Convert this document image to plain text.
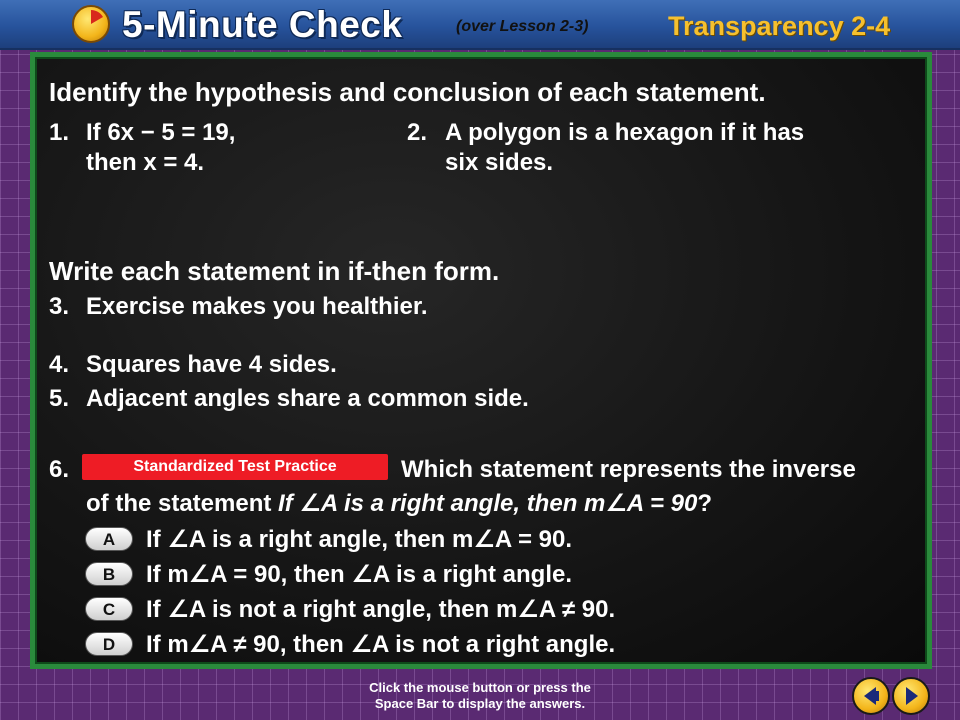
5-Minute Check	(over Lesson 2-3)	Transparency 2-4
Identify the hypothesis and conclusion of each statement.
1. If 6x − 5 = 19,
then x = 4.
2. A polygon is a hexagon if it has
six sides.
Write each statement in if-then form.
3. Exercise makes you healthier.
4. Squares have 4 sides.
5. Adjacent angles share a common side.
6.	Standardized Test Practice	Which statement represents the inverse
of the statement If ∠A is a right angle, then m∠A = 90?
A	If ∠A is a right angle, then m∠A = 90.
B	If m∠A = 90, then ∠A is a right angle.
C	If ∠A is not a right angle, then m∠A ≠ 90.
D	If m∠A ≠ 90, then ∠A is not a right angle.
Click the mouse button or press the
Space Bar to display the answers.
